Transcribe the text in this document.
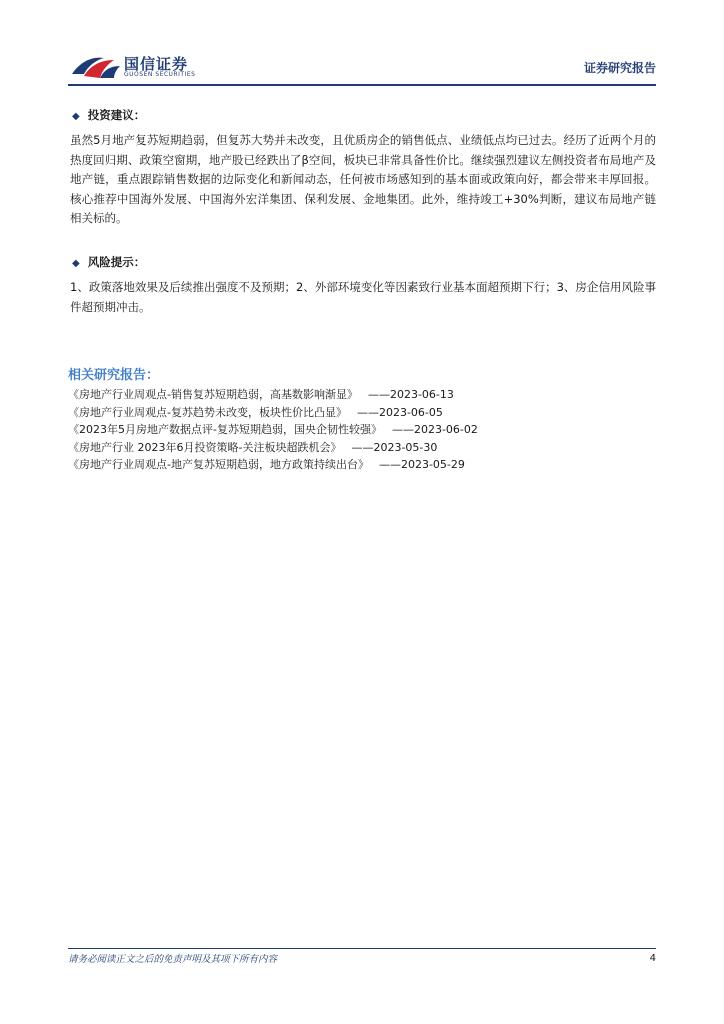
国信证券
GUOSEN SECURITIES	证券研究报告
◆ 投资建议：
虽然5月地产复苏短期趋弱，但复苏大势并未改变，且优质房企的销售低点、业绩低点均已过去。经历了近两个月的热度回归期、政策空窗期，地产股已经跌出了β空间，板块已非常具备性价比。继续强烈建议左侧投资者布局地产及地产链，重点跟踪销售数据的边际变化和新闻动态，任何被市场感知到的基本面或政策向好，都会带来丰厚回报。核心推荐中国海外发展、中国海外宏洋集团、保利发展、金地集团。此外，维持竣工+30%判断，建议布局地产链相关标的。
◆ 风险提示：
1、政策落地效果及后续推出强度不及预期；2、外部环境变化等因素致行业基本面超预期下行；3、房企信用风险事件超预期冲击。
相关研究报告：
《房地产行业周观点-销售复苏短期趋弱，高基数影响渐显》 ——2023-06-13
《房地产行业周观点-复苏趋势未改变，板块性价比凸显》 ——2023-06-05
《2023年5月房地产数据点评-复苏短期趋弱，国央企韧性较强》 ——2023-06-02
《房地产行业 2023年6月投资策略-关注板块超跌机会》 ——2023-05-30
《房地产行业周观点-地产复苏短期趋弱，地方政策持续出台》 ——2023-05-29
请务必阅读正文之后的免责声明及其项下所有内容	4
